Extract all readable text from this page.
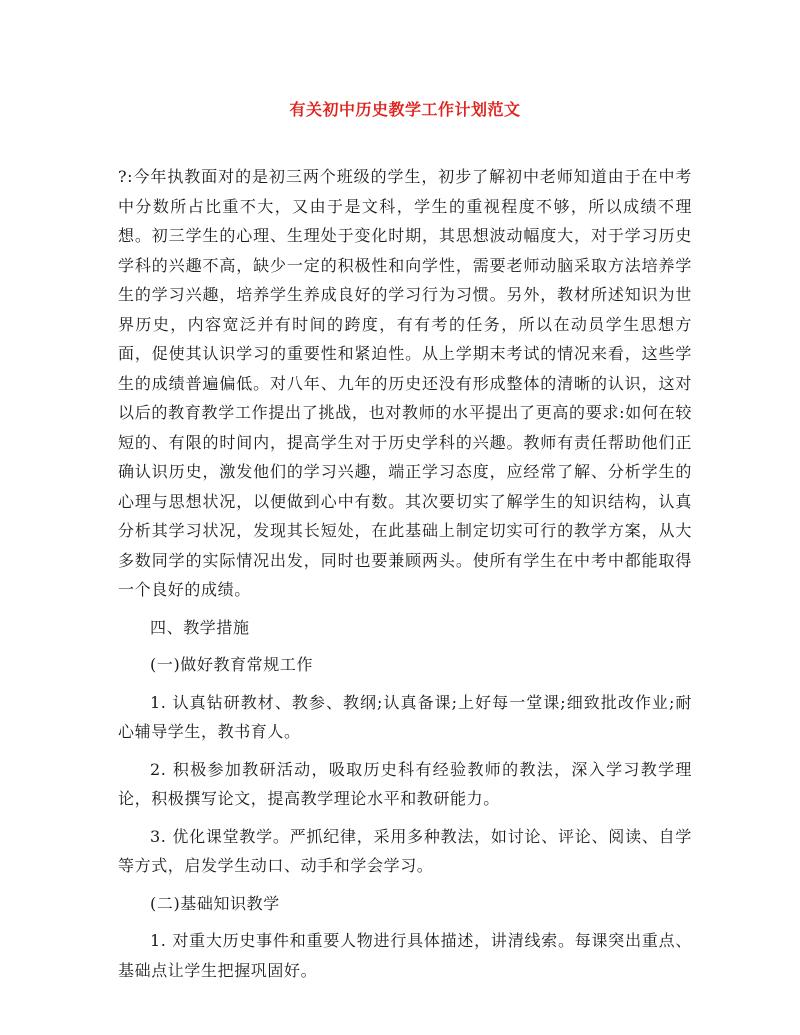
有关初中历史教学工作计划范文

?:今年执教面对的是初三两个班级的学生，初步了解初中老师知道由于在中考中分数所占比重不大，又由于是文科，学生的重视程度不够，所以成绩不理想。初三学生的心理、生理处于变化时期，其思想波动幅度大，对于学习历史学科的兴趣不高，缺少一定的积极性和向学性，需要老师动脑采取方法培养学生的学习兴趣，培养学生养成良好的学习行为习惯。另外，教材所述知识为世界历史，内容宽泛并有时间的跨度，有有考的任务，所以在动员学生思想方面，促使其认识学习的重要性和紧迫性。从上学期末考试的情况来看，这些学生的成绩普遍偏低。对八年、九年的历史还没有形成整体的清晰的认识，这对以后的教育教学工作提出了挑战，也对教师的水平提出了更高的要求:如何在较短的、有限的时间内，提高学生对于历史学科的兴趣。教师有责任帮助他们正确认识历史，激发他们的学习兴趣，端正学习态度，应经常了解、分析学生的心理与思想状况，以便做到心中有数。其次要切实了解学生的知识结构，认真分析其学习状况，发现其长短处，在此基础上制定切实可行的教学方案，从大多数同学的实际情况出发，同时也要兼顾两头。使所有学生在中考中都能取得一个良好的成绩。

四、教学措施

(一)做好教育常规工作

1. 认真钻研教材、教参、教纲;认真备课;上好每一堂课;细致批改作业;耐心辅导学生，教书育人。

2. 积极参加教研活动，吸取历史科有经验教师的教法，深入学习教学理论，积极撰写论文，提高教学理论水平和教研能力。

3. 优化课堂教学。严抓纪律，采用多种教法，如讨论、评论、阅读、自学等方式，启发学生动口、动手和学会学习。

(二)基础知识教学

1. 对重大历史事件和重要人物进行具体描述，讲清线索。每课突出重点、基础点让学生把握巩固好。
